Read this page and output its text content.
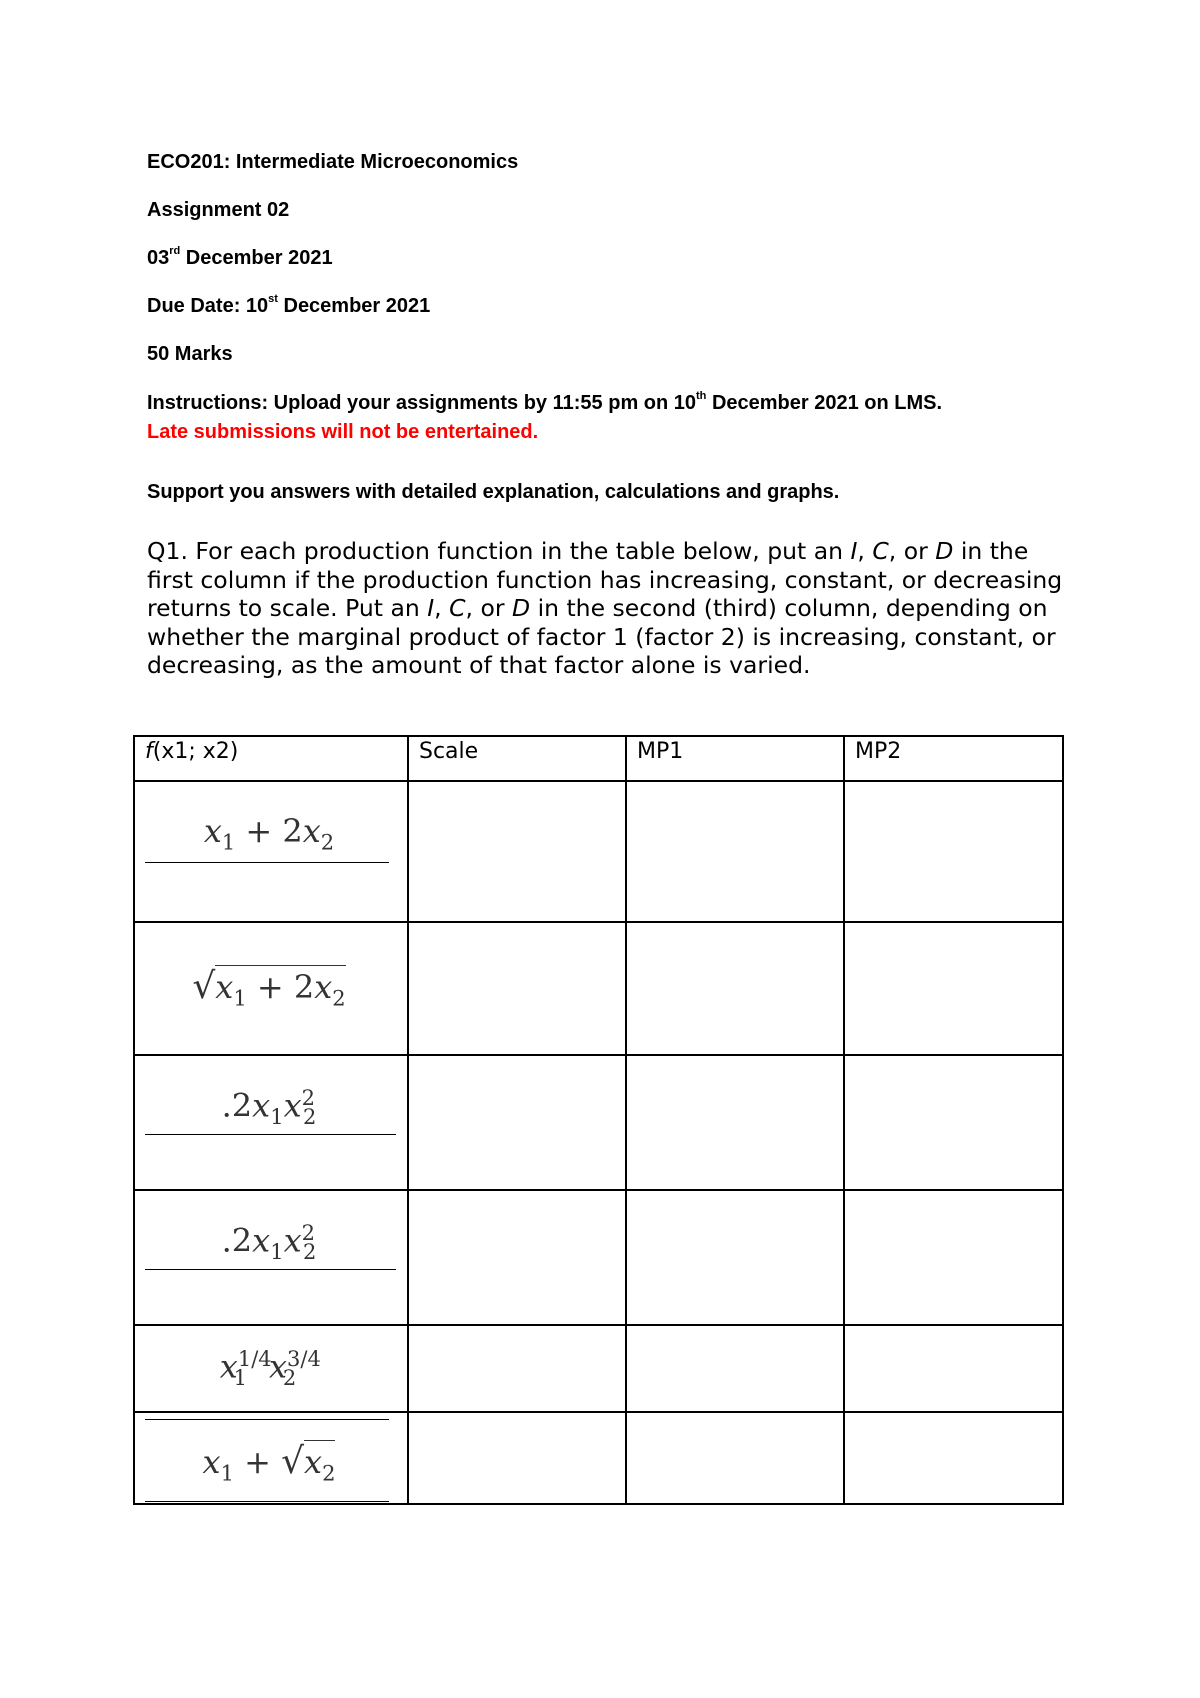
ECO201: Intermediate Microeconomics

Assignment 02

03rd December 2021

Due Date: 10st December 2021

50 Marks

Instructions: Upload your assignments by 11:55 pm on 10th December 2021 on LMS.

Late submissions will not be entertained.

Support you answers with detailed explanation, calculations and graphs.

Q1. For each production function in the table below, put an I, C, or D in the first column if the production function has increasing, constant, or decreasing returns to scale. Put an I, C, or D in the second (third) column, depending on whether the marginal product of factor 1 (factor 2) is increasing, constant, or decreasing, as the amount of that factor alone is varied.

f(x1; x2)	Scale	MP1	MP2

$x_1 + 2x_2$

$√x_1 + 2x_2$

$.2x_1x^2_2$

$.2x_1x^2_2$

$x^{1/4}_1$ $x^{3/4}_2$

$x_1 + √x_2$
